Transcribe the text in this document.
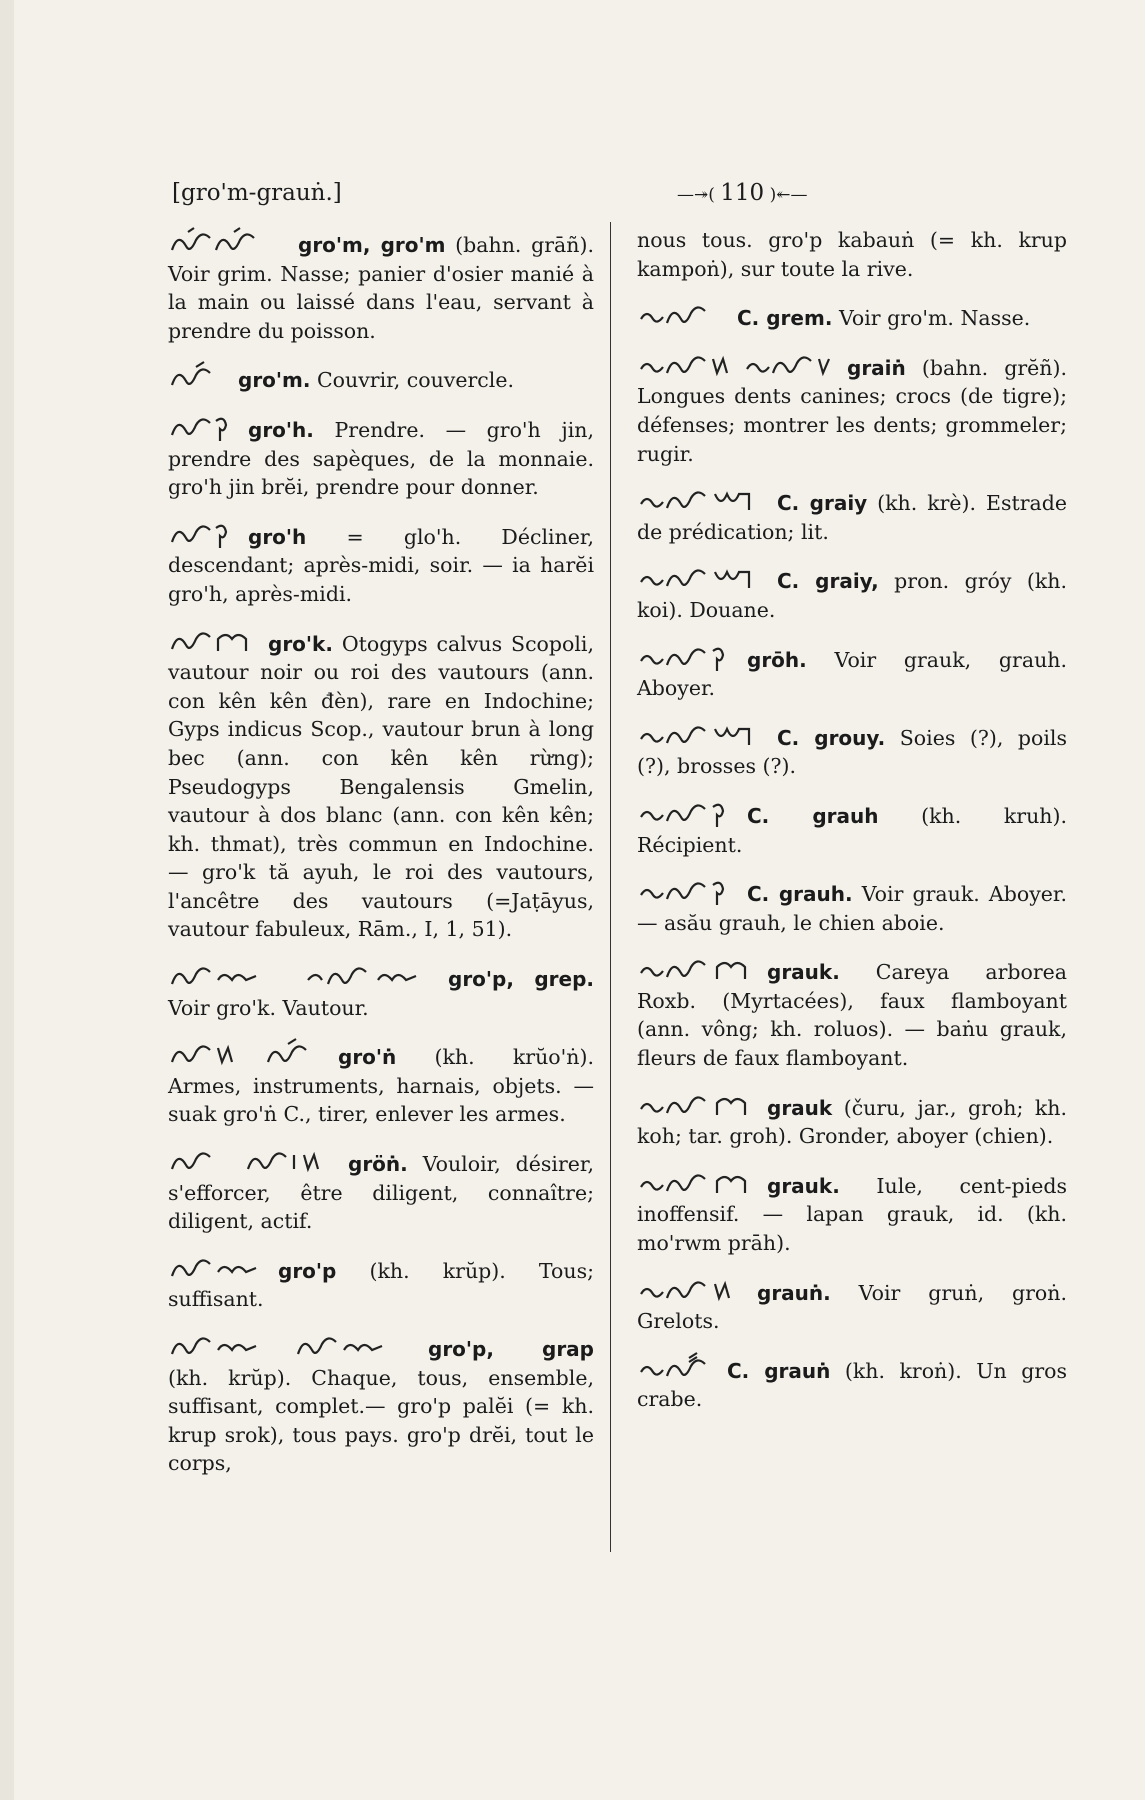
[gro'm-grauṅ.]
—↠(	110 )↞—

gro'm, gro'm (bahn. grāñ). Voir grim. Nasse; panier d'osier manié à la main ou laissé dans l'eau, servant à prendre du poisson.

gro'm. Couvrir, couvercle.

gro'h. Prendre. — gro'h jin, prendre des sapèques, de la monnaie. gro'h jin brĕi, prendre pour donner.

gro'h = glo'h. Décliner, descendant; après-midi, soir. — ia harĕi gro'h, après-midi.

gro'k. Otogyps calvus Scopoli, vautour noir ou roi des vautours (ann. con kên kên đèn), rare en Indochine; Gyps indicus Scop., vautour brun à long bec (ann. con kên kên rừng); Pseudogyps Bengalensis Gmelin, vautour à dos blanc (ann. con kên kên; kh. thmat), très commun en Indochine. — gro'k tă ayuh, le roi des vautours, l'ancêtre des vautours (=Jaṭāyus, vautour fabuleux, Rām., I, 1, 51).

gro'p, grep. Voir gro'k. Vautour.

gro'ṅ (kh. krŭo'ṅ). Armes, instruments, harnais, objets. — suak gro'ṅ C., tirer, enlever les armes.

gröṅ. Vouloir, désirer, s'efforcer, être diligent, connaître; diligent, actif.

gro'p (kh. krŭp). Tous; suffisant.

gro'p, grap (kh. krŭp). Chaque, tous, ensemble, suffisant, complet.— gro'p palĕi (= kh. krup srok), tous pays. gro'p drĕi, tout le corps,

nous tous. gro'p kabauṅ (= kh. krup kampoṅ), sur toute la rive.

C. grem. Voir gro'm. Nasse.

graiṅ (bahn. grĕñ). Longues dents canines; crocs (de tigre); défenses; montrer les dents; grommeler; rugir.

C. graiy (kh. krè). Estrade de prédication; lit.

C. graiy, pron. gróy (kh. koi). Douane.

grōh. Voir grauk, grauh. Aboyer.

C. grouy. Soies (?), poils (?), brosses (?).

C. grauh (kh. kruh). Récipient.

C. grauh. Voir grauk. Aboyer. — asău grauh, le chien aboie.

grauk. Careya arborea Roxb. (Myrtacées), faux flamboyant (ann. vông; kh. roluos). — baṅu grauk, fleurs de faux flamboyant.

grauk (čuru, jar., groh; kh. koh; tar. groh). Gronder, aboyer (chien).

grauk. Iule, cent-pieds inoffensif. — lapan grauk, id. (kh. mo'rwm prāh).

grauṅ. Voir gruṅ, groṅ. Grelots.

C. grauṅ (kh. kroṅ). Un gros crabe.
